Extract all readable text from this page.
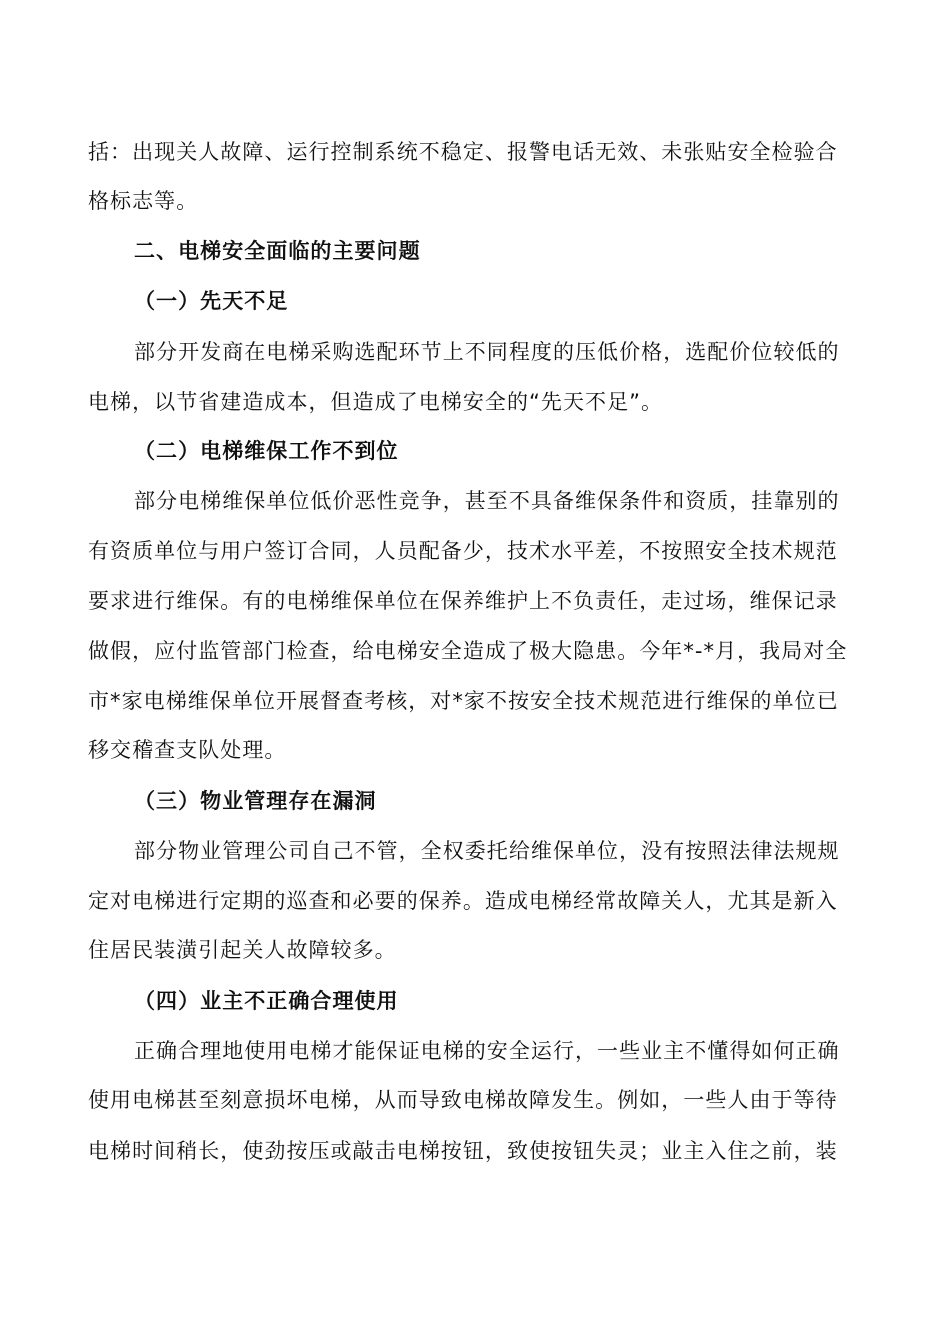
括：出现关人故障、运行控制系统不稳定、报警电话无效、未张贴安全检验合
格标志等。
二、电梯安全面临的主要问题
（一）先天不足
部分开发商在电梯采购选配环节上不同程度的压低价格，选配价位较低的
电梯，以节省建造成本，但造成了电梯安全的“先天不足”。
（二）电梯维保工作不到位
部分电梯维保单位低价恶性竞争，甚至不具备维保条件和资质，挂靠别的
有资质单位与用户签订合同，人员配备少，技术水平差，不按照安全技术规范
要求进行维保。有的电梯维保单位在保养维护上不负责任，走过场，维保记录
做假，应付监管部门检查，给电梯安全造成了极大隐患。今年*-*月，我局对全
市*家电梯维保单位开展督查考核，对*家不按安全技术规范进行维保的单位已
移交稽查支队处理。
（三）物业管理存在漏洞
部分物业管理公司自己不管，全权委托给维保单位，没有按照法律法规规
定对电梯进行定期的巡查和必要的保养。造成电梯经常故障关人，尤其是新入
住居民装潢引起关人故障较多。
（四）业主不正确合理使用
正确合理地使用电梯才能保证电梯的安全运行，一些业主不懂得如何正确
使用电梯甚至刻意损坏电梯，从而导致电梯故障发生。例如，一些人由于等待
电梯时间稍长，使劲按压或敲击电梯按钮，致使按钮失灵；业主入住之前，装
